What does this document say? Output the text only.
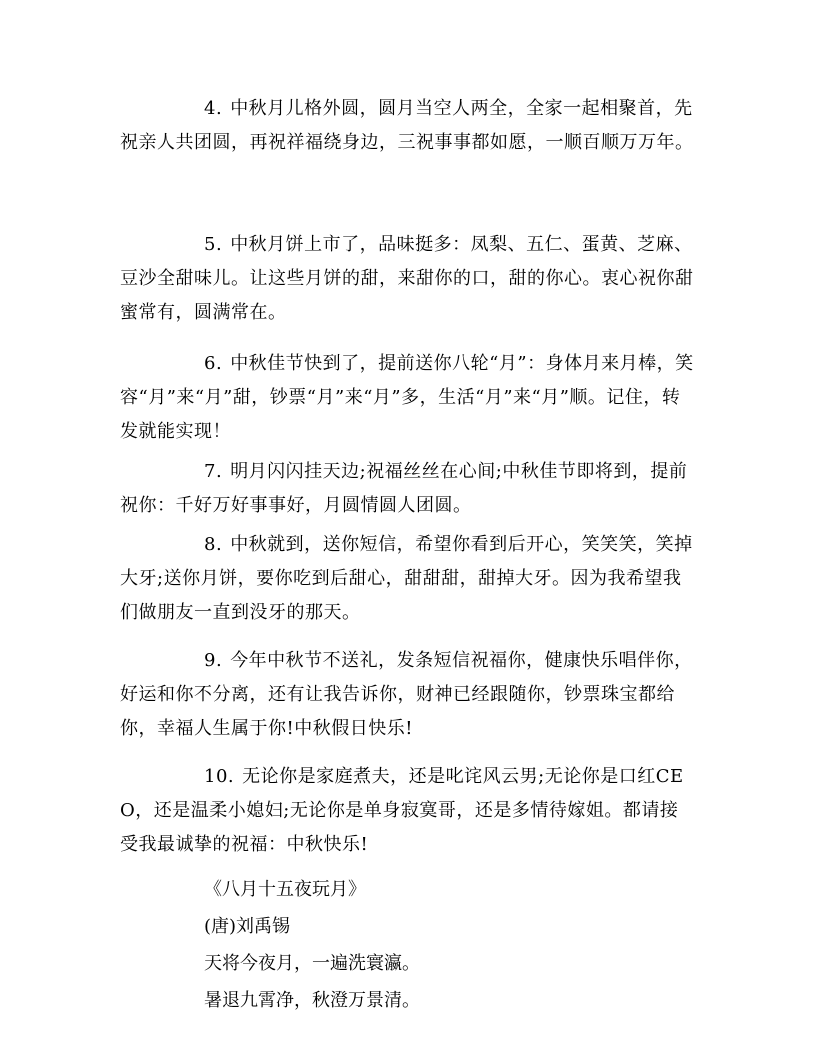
4. 中秋月儿格外圆，圆月当空人两全，全家一起相聚首，先祝亲人共团圆，再祝祥福绕身边，三祝事事都如愿，一顺百顺万万年。

5. 中秋月饼上市了，品味挺多：凤梨、五仁、蛋黄、芝麻、豆沙全甜味儿。让这些月饼的甜，来甜你的口，甜的你心。衷心祝你甜蜜常有，圆满常在。

6. 中秋佳节快到了，提前送你八轮“月”：身体月来月棒，笑容“月”来“月”甜，钞票“月”来“月”多，生活“月”来“月”顺。记住，转发就能实现！

7. 明月闪闪挂天边;祝福丝丝在心间;中秋佳节即将到，提前祝你：千好万好事事好，月圆情圆人团圆。

8. 中秋就到，送你短信，希望你看到后开心，笑笑笑，笑掉大牙;送你月饼，要你吃到后甜心，甜甜甜，甜掉大牙。因为我希望我们做朋友一直到没牙的那天。

9. 今年中秋节不送礼，发条短信祝福你，健康快乐唱伴你，好运和你不分离，还有让我告诉你，财神已经跟随你，钞票珠宝都给你，幸福人生属于你!中秋假日快乐!

10. 无论你是家庭煮夫，还是叱诧风云男;无论你是口红CEO，还是温柔小媳妇;无论你是单身寂寞哥，还是多情待嫁姐。都请接受我最诚挚的祝福：中秋快乐!

《八月十五夜玩月》

(唐)刘禹锡

天将今夜月，一遍洗寰瀛。

暑退九霄净，秋澄万景清。
